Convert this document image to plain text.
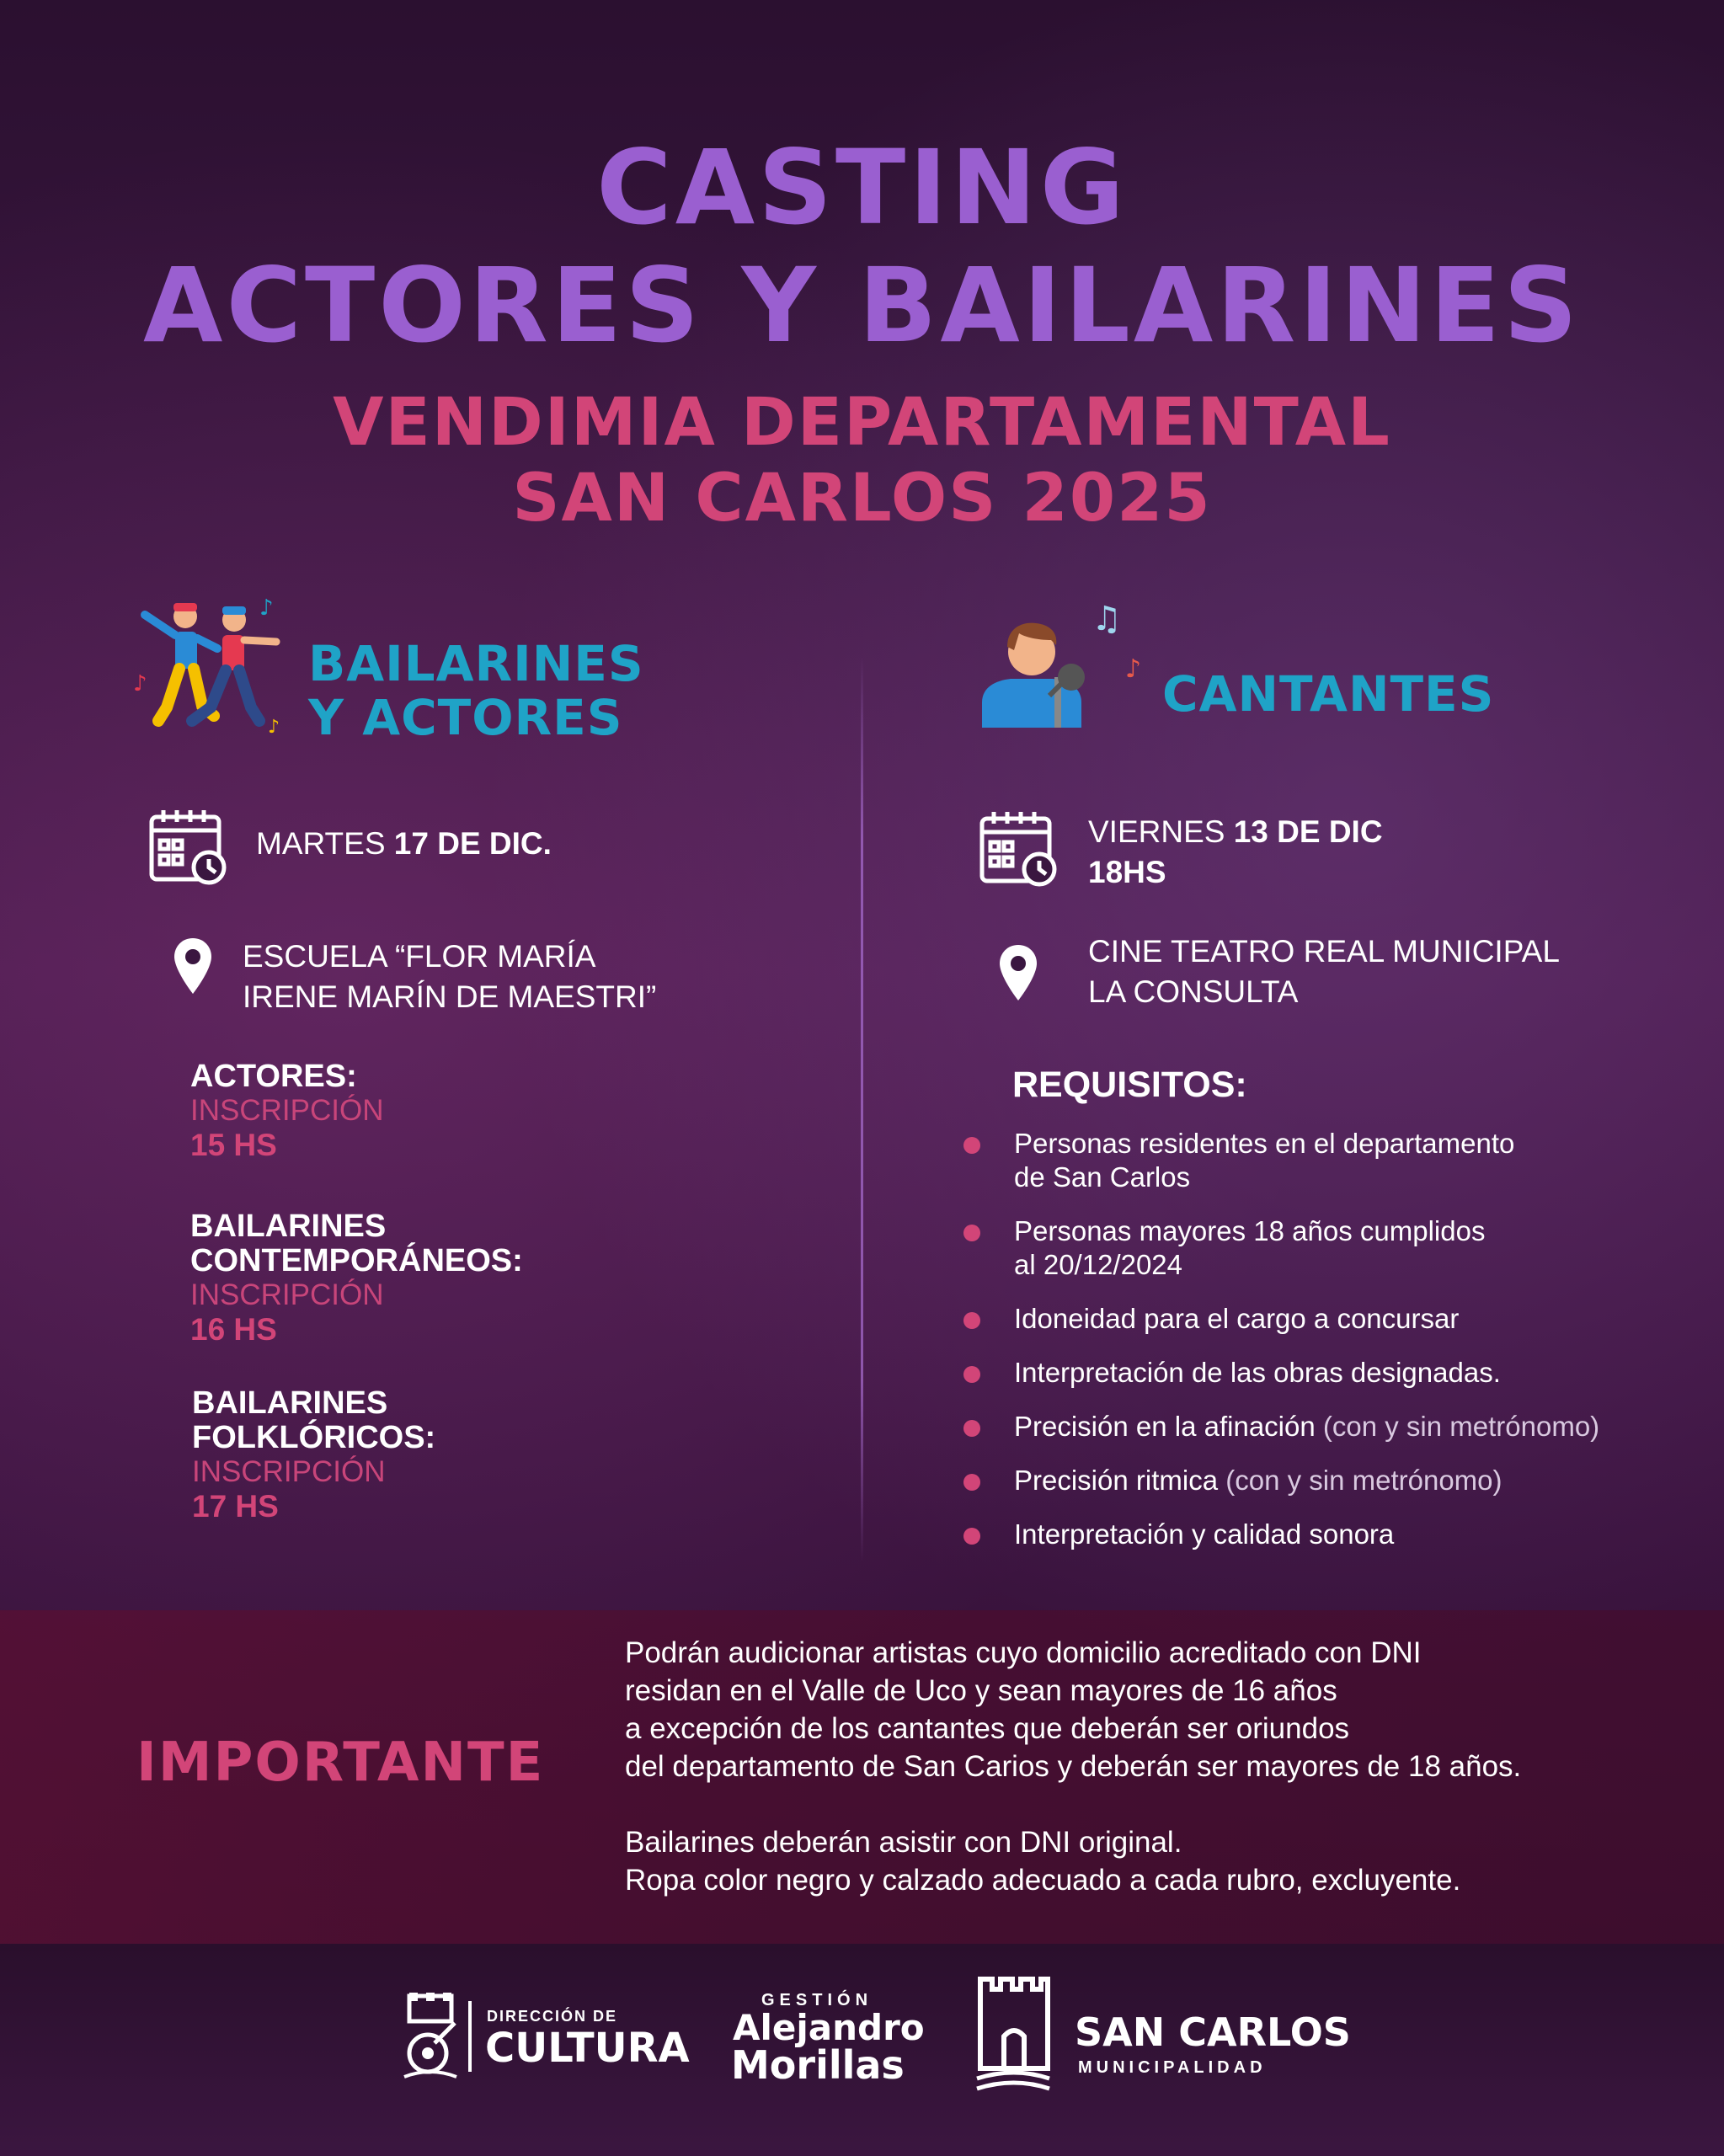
CASTING
ACTORES Y BAILARINES
VENDIMIA DEPARTAMENTAL
SAN CARLOS 2025
♪
♪
♪
BAILARINES
Y ACTORES
MARTES 17 DE DIC.
ESCUELA “FLOR MARÍA
IRENE MARÍN DE MAESTRI”
ACTORES:
INSCRIPCIÓN
15 HS
BAILARINES
CONTEMPORÁNEOS:
INSCRIPCIÓN
16 HS
BAILARINES
FOLKLÓRICOS:
INSCRIPCIÓN
17 HS
♫
♪ CANTANTES
VIERNES 13 DE DIC
18HS
CINE TEATRO REAL MUNICIPAL
LA CONSULTA
REQUISITOS:
Personas residentes en el departamento
de San Carlos
Personas mayores 18 años cumplidos
al 20/12/2024
Idoneidad para el cargo a concursar
Interpretación de las obras designadas.
Precisión en la afinación (con y sin metrónomo)
Precisión ritmica (con y sin metrónomo)
Interpretación y calidad sonora
IMPORTANTE

Podrán audicionar artistas cuyo domicilio acreditado con DNI
residan en el Valle de Uco y sean mayores de 16 años
a excepción de los cantantes que deberán ser oriundos
del departamento de San Carios y deberán ser mayores de 18 años.

Bailarines deberán asistir con DNI original.
Ropa color negro y calzado adecuado a cada rubro, excluyente.

DIRECCIÓN DE
CULTURA
GESTIÓN
Alejandro
Morillas
SAN CARLOS
MUNICIPALIDAD
